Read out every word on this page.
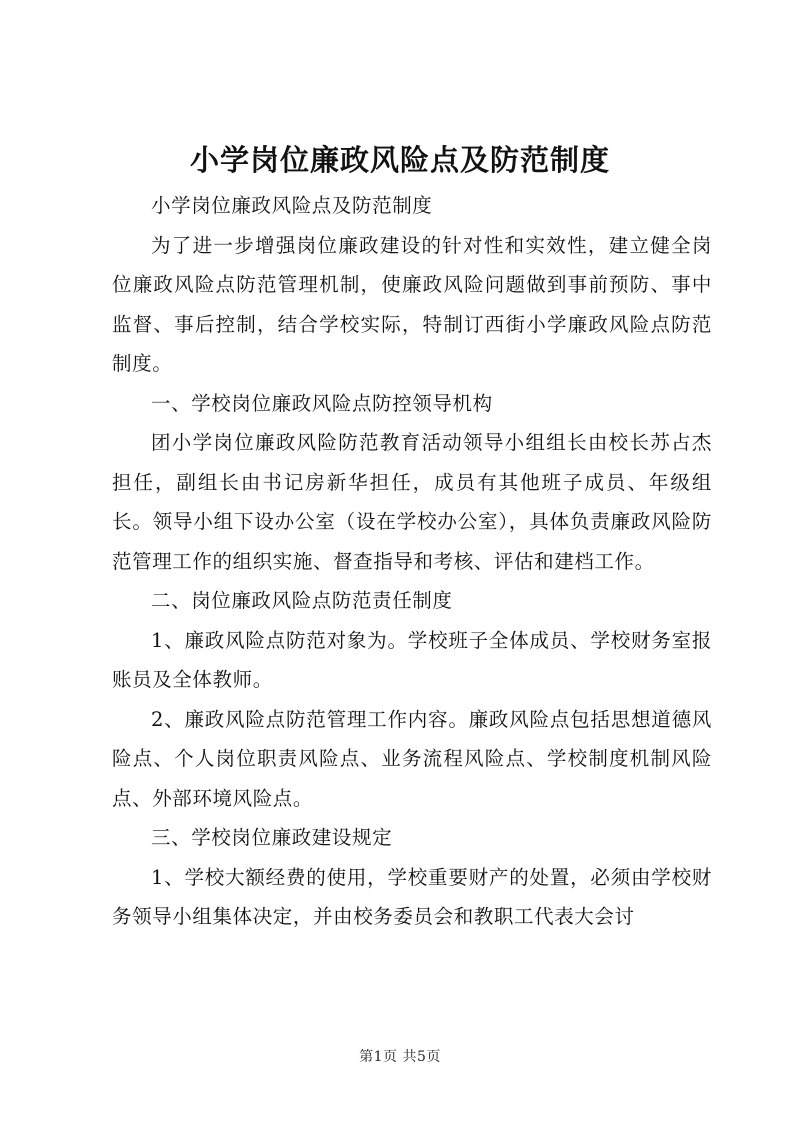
小学岗位廉政风险点及防范制度

小学岗位廉政风险点及防范制度

为了进一步增强岗位廉政建设的针对性和实效性，建立健全岗位廉政风险点防范管理机制，使廉政风险问题做到事前预防、事中监督、事后控制，结合学校实际，特制订西街小学廉政风险点防范制度。

一、学校岗位廉政风险点防控领导机构

团小学岗位廉政风险防范教育活动领导小组组长由校长苏占杰担任，副组长由书记房新华担任，成员有其他班子成员、年级组长。领导小组下设办公室（设在学校办公室），具体负责廉政风险防范管理工作的组织实施、督查指导和考核、评估和建档工作。

二、岗位廉政风险点防范责任制度

1、廉政风险点防范对象为。学校班子全体成员、学校财务室报账员及全体教师。

2、廉政风险点防范管理工作内容。廉政风险点包括思想道德风险点、个人岗位职责风险点、业务流程风险点、学校制度机制风险点、外部环境风险点。

三、学校岗位廉政建设规定

1、学校大额经费的使用，学校重要财产的处置，必须由学校财务领导小组集体决定，并由校务委员会和教职工代表大会讨

第1页 共5页
